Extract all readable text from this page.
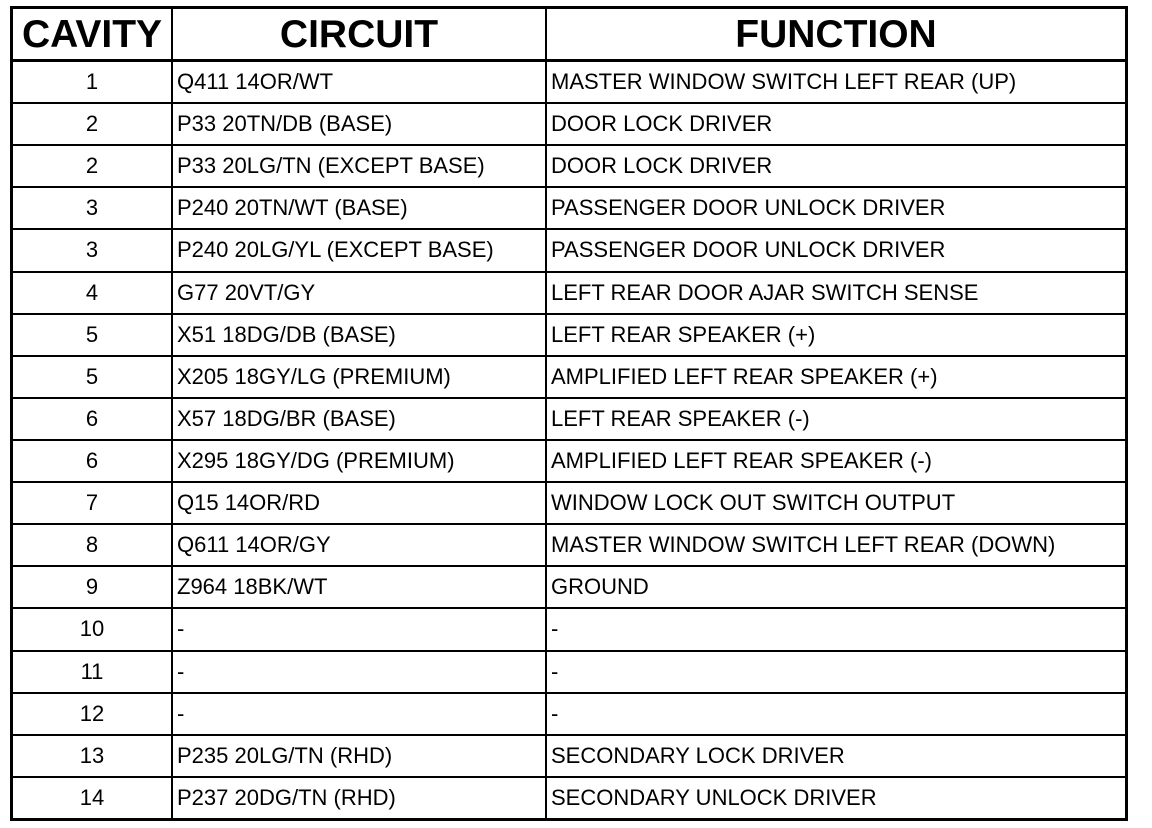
CAVITY	CIRCUIT	FUNCTION
1	Q411 14OR/WT	MASTER WINDOW SWITCH LEFT REAR (UP)
2	P33 20TN/DB (BASE)	DOOR LOCK DRIVER
2	P33 20LG/TN (EXCEPT BASE)	DOOR LOCK DRIVER
3	P240 20TN/WT (BASE)	PASSENGER DOOR UNLOCK DRIVER
3	P240 20LG/YL (EXCEPT BASE)	PASSENGER DOOR UNLOCK DRIVER
4	G77 20VT/GY	LEFT REAR DOOR AJAR SWITCH SENSE
5	X51 18DG/DB (BASE)	LEFT REAR SPEAKER (+)
5	X205 18GY/LG (PREMIUM)	AMPLIFIED LEFT REAR SPEAKER (+)
6	X57 18DG/BR (BASE)	LEFT REAR SPEAKER (-)
6	X295 18GY/DG (PREMIUM)	AMPLIFIED LEFT REAR SPEAKER (-)
7	Q15 14OR/RD	WINDOW LOCK OUT SWITCH OUTPUT
8	Q611 14OR/GY	MASTER WINDOW SWITCH LEFT REAR (DOWN)
9	Z964 18BK/WT	GROUND
10	-	-
11	-	-
12	-	-
13	P235 20LG/TN (RHD)	SECONDARY LOCK DRIVER
14	P237 20DG/TN (RHD)	SECONDARY UNLOCK DRIVER
